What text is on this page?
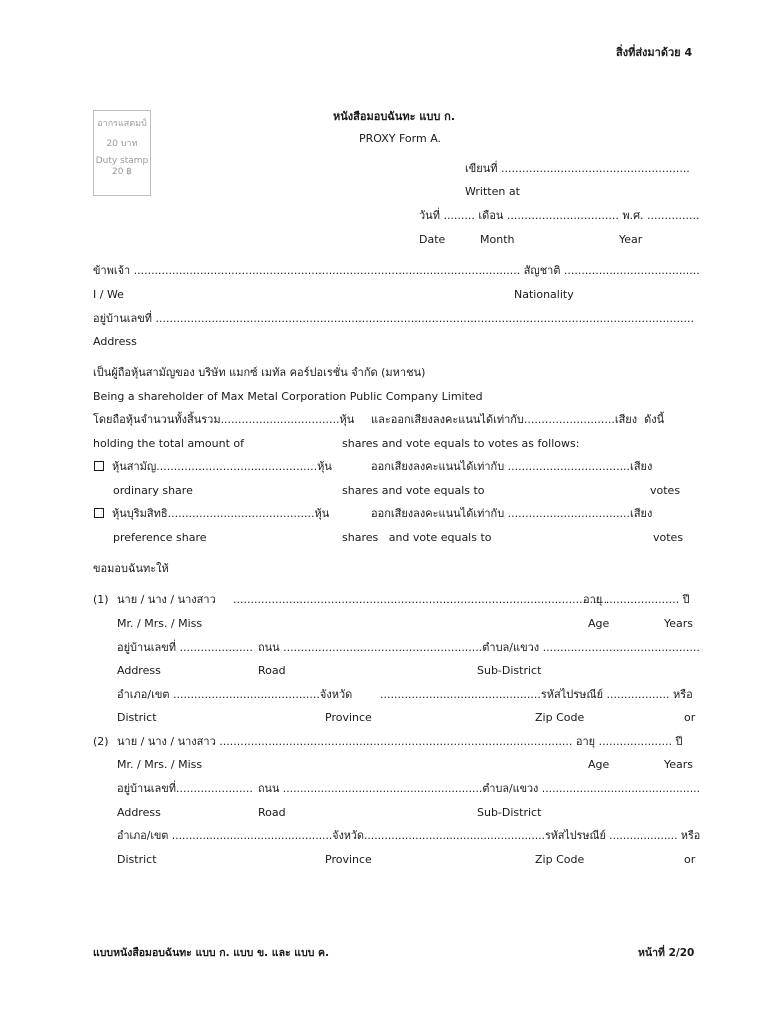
สิ่งที่ส่งมาด้วย 4
อากรแสตมป์
20 บาท
Duty stamp
20 ฿
หนังสือมอบฉันทะ แบบ ก.
PROXY Form A.
เขียนที่ ......................................................
Written at
วันที่ ......... เดือน ................................ พ.ศ. ...............
Date	Month	Year
ข้าพเจ้า ............................................................................................................... สัญชาติ .......................................
I / We	Nationality
อยู่บ้านเลขที่ ..........................................................................................................................................................
Address
เป็นผู้ถือหุ้นสามัญของ บริษัท แมกซ์ เมทัล คอร์ปอเรชั่น จำกัด (มหาชน)
Being a shareholder of Max Metal Corporation Public Company Limited
โดยถือหุ้นจำนวนทั้งสิ้นรวม..................................หุ้น และออกเสียงลงคะแนนได้เท่ากับ..........................เสียง  ดังนี้
holding the total amount of	shares and vote equals to votes as follows:
หุ้นสามัญ..............................................หุ้น	ออกเสียงลงคะแนนได้เท่ากับ ...................................เสียง
ordinary share	shares and vote equals to	votes
หุ้นบุริมสิทธิ..........................................หุ้น	ออกเสียงลงคะแนนได้เท่ากับ ...................................เสียง
preference share	shares   and vote equals to	votes
ขอมอบฉันทะให้
(1) นาย / นาง / นางสาว ...........................................................................................................
อายุ ..................... ปี
Mr. / Mrs. / Miss	Age	Years
อยู่บ้านเลขที่ ..................... ถนน .........................................................ตำบล/แขวง .............................................
Address	Road	Sub-District
อำเภอ/เขต ..........................................จังหวัด	..............................................รหัสไปรษณีย์ .................. หรือ
District	Province	Zip Code	or
(2) นาย / นาง / นางสาว ..................................................................................................... อายุ ..................... ปี
Mr. / Mrs. / Miss	Age	Years
อยู่บ้านเลขที่...................... ถนน ..........................................................ตำบล/แขวง ..............................................
Address	Road	Sub-District
อำเภอ/เขต ...............................................จังหวัด.....................................................รหัสไปรษณีย์ .................... หรือ
District	Province	Zip Code	or
แบบหนังสือมอบฉันทะ แบบ ก. แบบ ข. และ แบบ ค.	หน้าที่ 2/20
